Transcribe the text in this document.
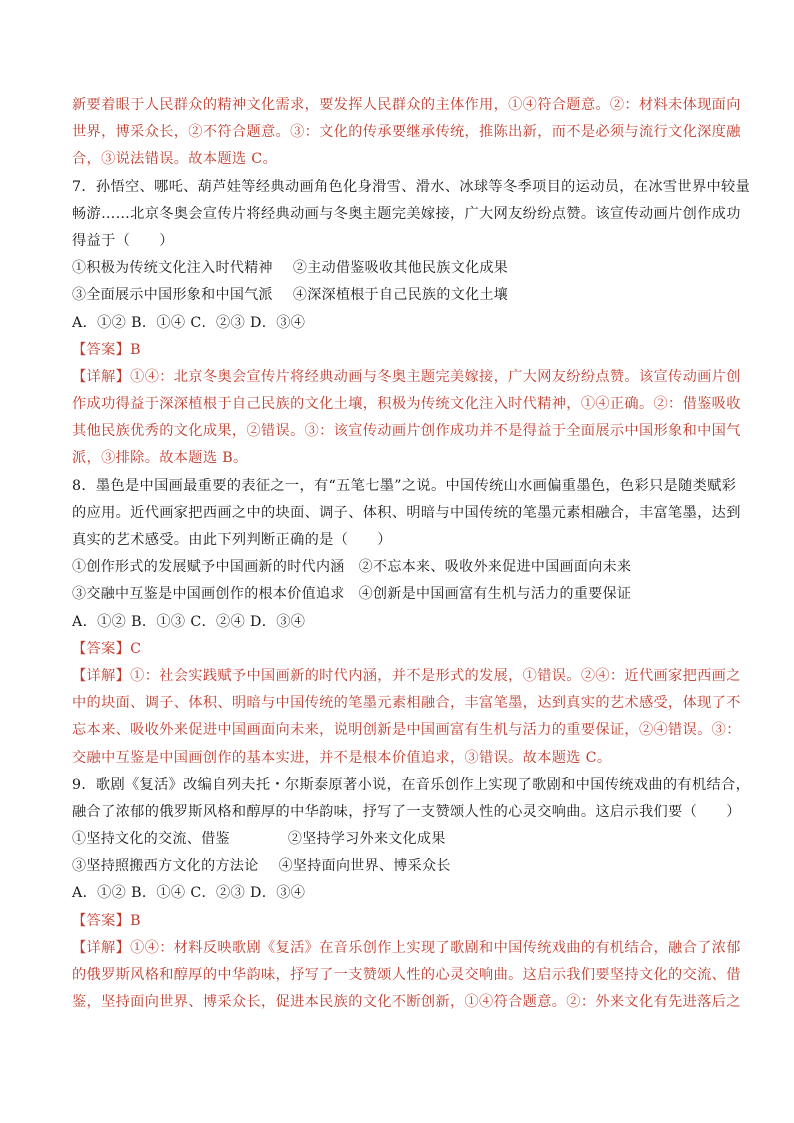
新要着眼于人民群众的精神文化需求，要发挥人民群众的主体作用，①④符合题意。②：材料未体现面向
世界，博采众长，②不符合题意。③：文化的传承要继承传统，推陈出新，而不是必须与流行文化深度融
合，③说法错误。故本题选 C。
7．孙悟空、哪吒、葫芦娃等经典动画角色化身滑雪、滑水、冰球等冬季项目的运动员，在冰雪世界中较量
畅游……北京冬奥会宣传片将经典动画与冬奥主题完美嫁接，广大网友纷纷点赞。该宣传动画片创作成功
得益于（　　）
①积极为传统文化注入时代精神 ②主动借鉴吸收其他民族文化成果
③全面展示中国形象和中国气派 ④深深植根于自己民族的文化土壤
A．①② B．①④ C．②③ D．③④
【答案】B
【详解】①④：北京冬奥会宣传片将经典动画与冬奥主题完美嫁接，广大网友纷纷点赞。该宣传动画片创
作成功得益于深深植根于自己民族的文化土壤，积极为传统文化注入时代精神，①④正确。②：借鉴吸收
其他民族优秀的文化成果，②错误。③：该宣传动画片创作成功并不是得益于全面展示中国形象和中国气
派，③排除。故本题选 B。
8．墨色是中国画最重要的表征之一，有“五笔七墨”之说。中国传统山水画偏重墨色，色彩只是随类赋彩
的应用。近代画家把西画之中的块面、调子、体积、明暗与中国传统的笔墨元素相融合，丰富笔墨，达到
真实的艺术感受。由此下列判断正确的是（　　）
①创作形式的发展赋予中国画新的时代内涵 ②不忘本来、吸收外来促进中国画面向未来
③交融中互鉴是中国画创作的根本价值追求 ④创新是中国画富有生机与活力的重要保证
A．①② B．①③ C．②④ D．③④
【答案】C
【详解】①：社会实践赋予中国画新的时代内涵，并不是形式的发展，①错误。②④：近代画家把西画之
中的块面、调子、体积、明暗与中国传统的笔墨元素相融合，丰富笔墨，达到真实的艺术感受，体现了不
忘本来、吸收外来促进中国画面向未来，说明创新是中国画富有生机与活力的重要保证，②④错误。③：
交融中互鉴是中国画创作的基本实进，并不是根本价值追求，③错误。故本题选 C。
9．歌剧《复活》改编自列夫托・尔斯泰原著小说，在音乐创作上实现了歌剧和中国传统戏曲的有机结合，
融合了浓郁的俄罗斯风格和醇厚的中华韵味，抒写了一支赞颂人性的心灵交响曲。这启示我们要（　　）
①坚持文化的交流、借鉴	②坚持学习外来文化成果
③坚持照搬西方文化的方法论 ④坚持面向世界、博采众长
A．①② B．①④ C．②③ D．③④
【答案】B
【详解】①④：材料反映歌剧《复活》在音乐创作上实现了歌剧和中国传统戏曲的有机结合，融合了浓郁
的俄罗斯风格和醇厚的中华韵味，抒写了一支赞颂人性的心灵交响曲。这启示我们要坚持文化的交流、借
鉴，坚持面向世界、博采众长，促进本民族的文化不断创新，①④符合题意。②：外来文化有先进落后之
